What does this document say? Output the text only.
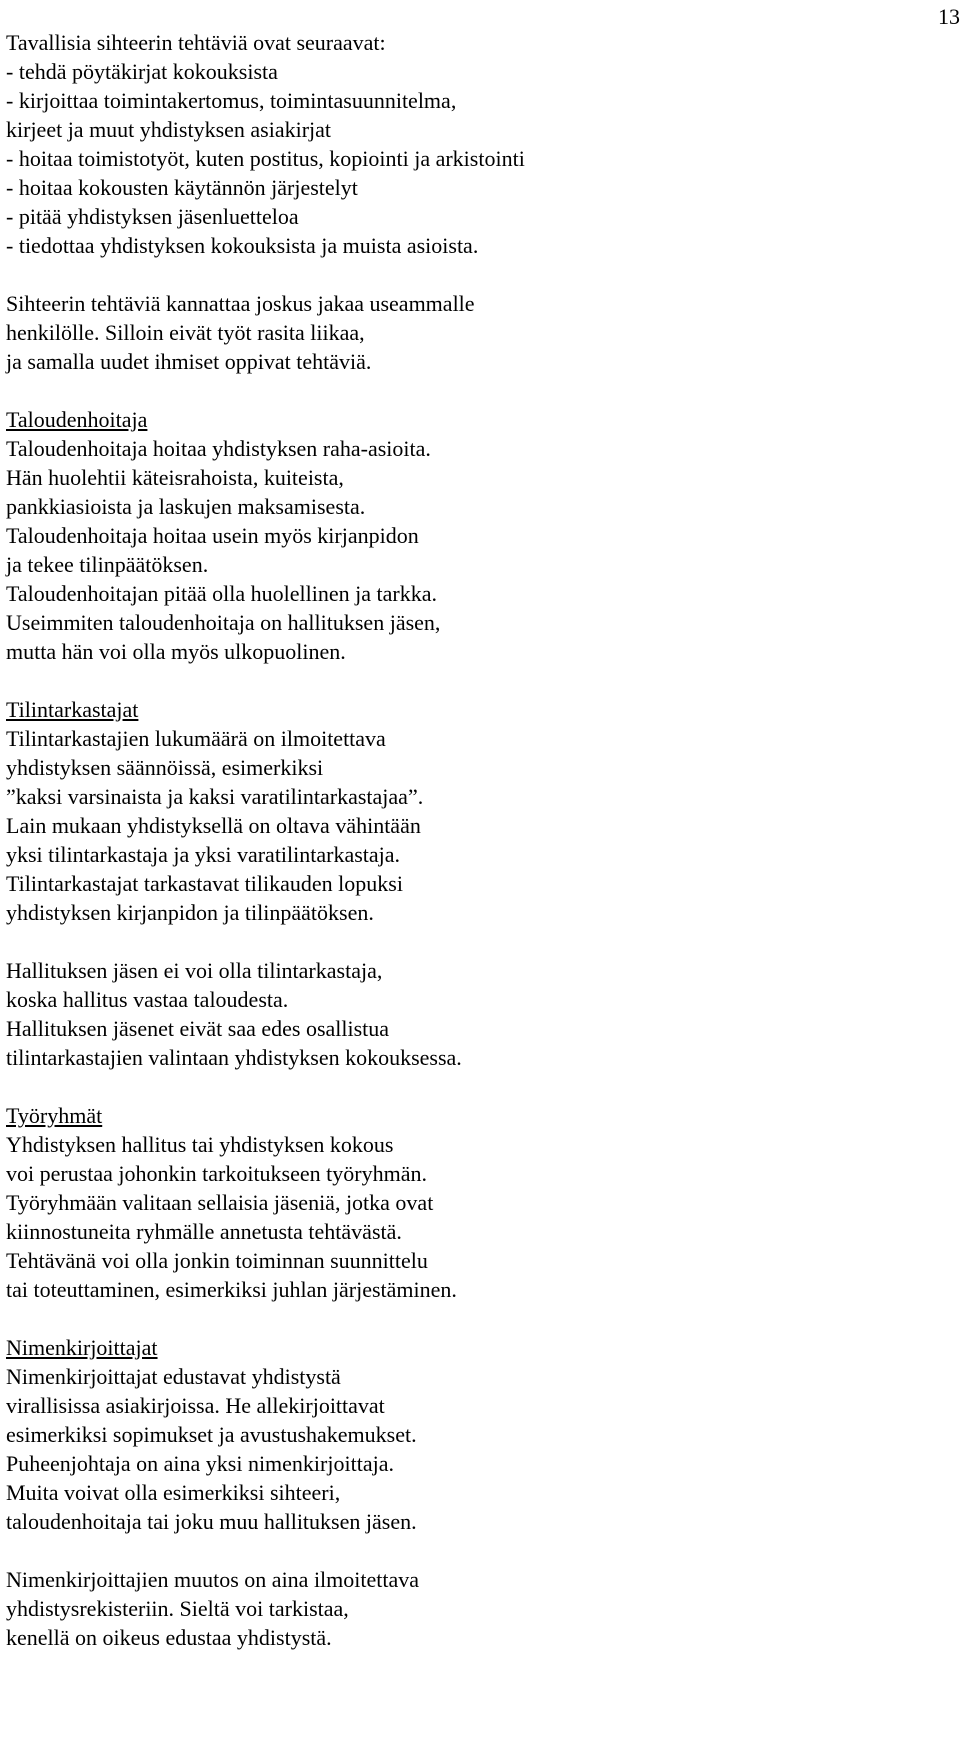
13
Tavallisia sihteerin tehtäviä ovat seuraavat:
- tehdä pöytäkirjat kokouksista
- kirjoittaa toimintakertomus, toimintasuunnitelma,
kirjeet ja muut yhdistyksen asiakirjat
- hoitaa toimistotyöt, kuten postitus, kopiointi ja arkistointi
- hoitaa kokousten käytännön järjestelyt
- pitää yhdistyksen jäsenluetteloa
- tiedottaa yhdistyksen kokouksista ja muista asioista.
Sihteerin tehtäviä kannattaa joskus jakaa useammalle
henkilölle. Silloin eivät työt rasita liikaa,
ja samalla uudet ihmiset oppivat tehtäviä.
Taloudenhoitaja
Taloudenhoitaja hoitaa yhdistyksen raha-asioita.
Hän huolehtii käteisrahoista, kuiteista,
pankkiasioista ja laskujen maksamisesta.
Taloudenhoitaja hoitaa usein myös kirjanpidon
ja tekee tilinpäätöksen.
Taloudenhoitajan pitää olla huolellinen ja tarkka.
Useimmiten taloudenhoitaja on hallituksen jäsen,
mutta hän voi olla myös ulkopuolinen.
Tilintarkastajat
Tilintarkastajien lukumäärä on ilmoitettava
yhdistyksen säännöissä, esimerkiksi
”kaksi varsinaista ja kaksi varatilintarkastajaa”.
Lain mukaan yhdistyksellä on oltava vähintään
yksi tilintarkastaja ja yksi varatilintarkastaja.
Tilintarkastajat tarkastavat tilikauden lopuksi
yhdistyksen kirjanpidon ja tilinpäätöksen.
Hallituksen jäsen ei voi olla tilintarkastaja,
koska hallitus vastaa taloudesta.
Hallituksen jäsenet eivät saa edes osallistua
tilintarkastajien valintaan yhdistyksen kokouksessa.
Työryhmät
Yhdistyksen hallitus tai yhdistyksen kokous
voi perustaa johonkin tarkoitukseen työryhmän.
Työryhmään valitaan sellaisia jäseniä, jotka ovat
kiinnostuneita ryhmälle annetusta tehtävästä.
Tehtävänä voi olla jonkin toiminnan suunnittelu
tai toteuttaminen, esimerkiksi juhlan järjestäminen.
Nimenkirjoittajat
Nimenkirjoittajat edustavat yhdistystä
virallisissa asiakirjoissa. He allekirjoittavat
esimerkiksi sopimukset ja avustushakemukset.
Puheenjohtaja on aina yksi nimenkirjoittaja.
Muita voivat olla esimerkiksi sihteeri,
taloudenhoitaja tai joku muu hallituksen jäsen.
Nimenkirjoittajien muutos on aina ilmoitettava
yhdistysrekisteriin. Sieltä voi tarkistaa,
kenellä on oikeus edustaa yhdistystä.
